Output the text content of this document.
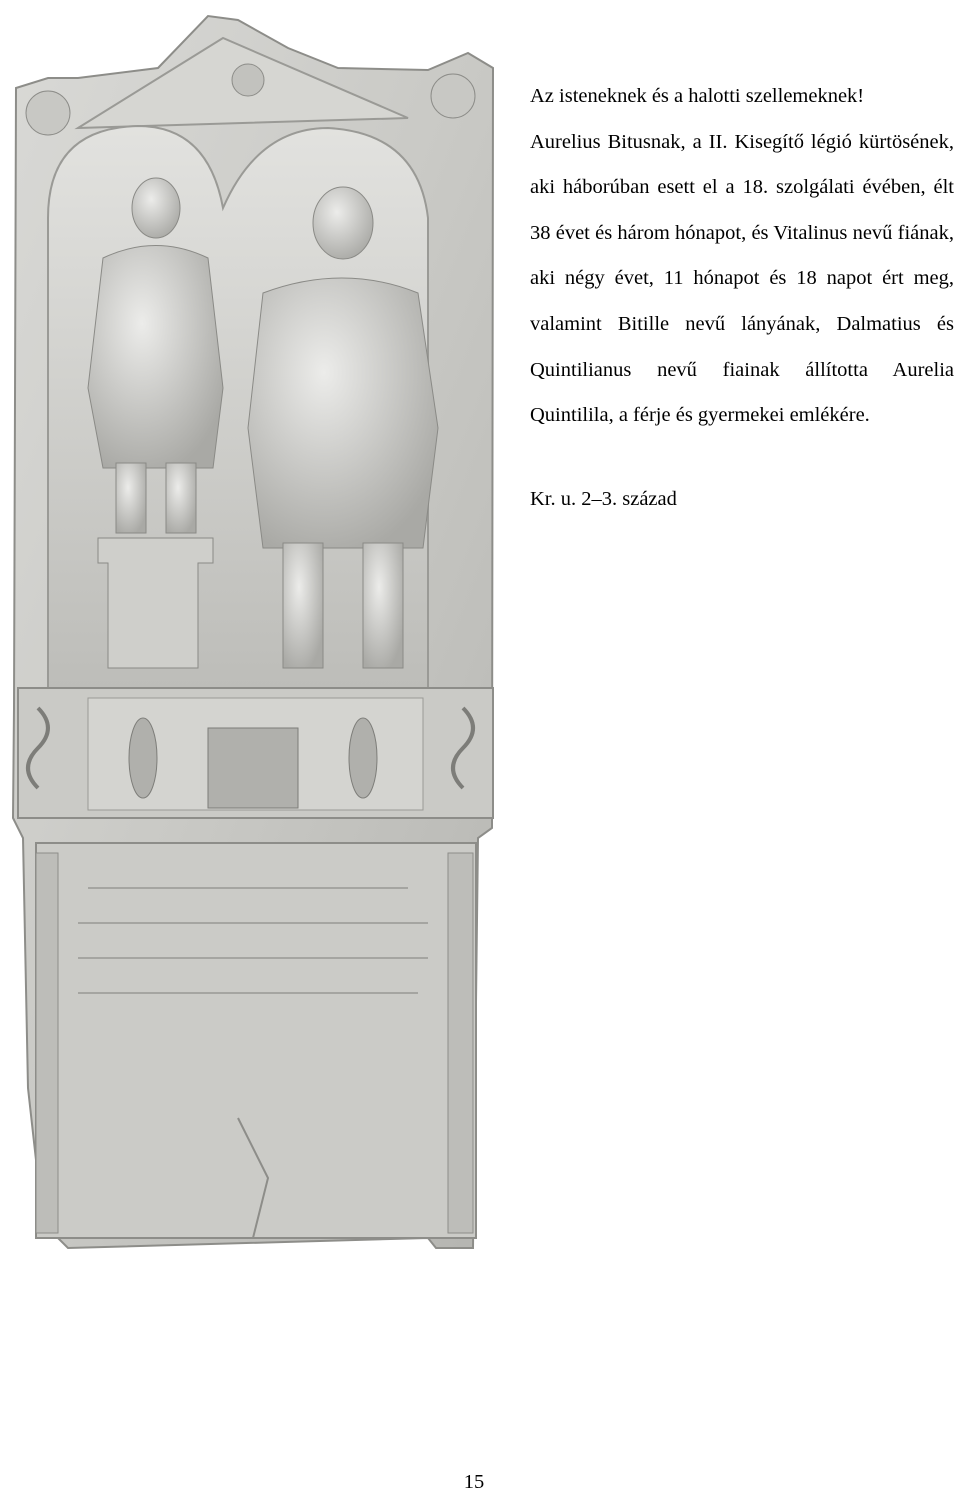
Az isteneknek és a halotti szellemeknek!

Aurelius Bitusnak, a II. Kisegítő légió kürtösének, aki háborúban esett el a 18. szolgálati évében, élt 38 évet és három hónapot, és Vitalinus nevű fiának, aki négy évet, 11 hónapot és 18 napot ért meg, valamint Bitille nevű lányának, Dalmatius és Quintilianus nevű fiainak állította Aurelia Quintilila, a férje és gyermekei emlékére.

Kr. u. 2–3. század
15
